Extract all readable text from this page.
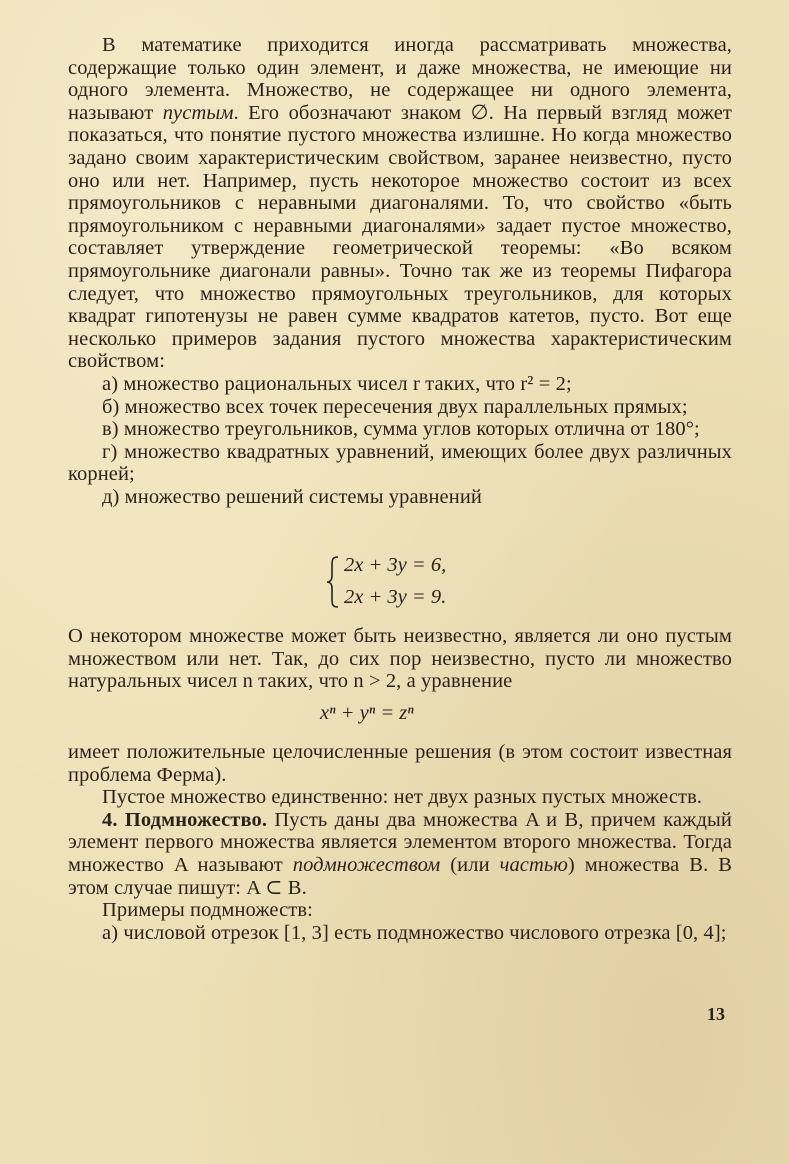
В математике приходится иногда рассматривать множества, содержащие только один элемент, и даже множества, не имеющие ни одного элемента. Множество, не содержащее ни одного элемента, называют пустым. Его обозначают знаком ∅. На первый взгляд может показаться, что понятие пустого множества излишне. Но когда множество задано своим характеристическим свойством, заранее неизвестно, пусто оно или нет. Например, пусть некоторое множество состоит из всех прямоугольников с неравными диагоналями. То, что свойство «быть прямоугольником с неравными диагоналями» задает пустое множество, составляет утверждение геометрической теоремы: «Во всяком прямоугольнике диагонали равны». Точно так же из теоремы Пифагора следует, что множество прямоугольных треугольников, для которых квадрат гипотенузы не равен сумме квадратов катетов, пусто. Вот еще несколько примеров задания пустого множества характеристическим свойством:

а) множество рациональных чисел r таких, что r² = 2;

б) множество всех точек пересечения двух параллельных прямых;

в) множество треугольников, сумма углов которых отлична от 180°;

г) множество квадратных уравнений, имеющих более двух различных корней;

д) множество решений системы уравнений

2x + 3y = 6,
2x + 3y = 9.

О некотором множестве может быть неизвестно, является ли оно пустым множеством или нет. Так, до сих пор неизвестно, пусто ли множество натуральных чисел n таких, что n > 2, а уравнение

xⁿ + yⁿ = zⁿ

имеет положительные целочисленные решения (в этом состоит известная проблема Ферма).

Пустое множество единственно: нет двух разных пустых множеств.

4. Подмножество. Пусть даны два множества A и B, причем каждый элемент первого множества является элементом второго множества. Тогда множество A называют подмножеством (или частью) множества B. В этом случае пишут: A ⊂ B.

Примеры подмножеств:

а) числовой отрезок [1, 3] есть подмножество числового отрезка [0, 4];

13
